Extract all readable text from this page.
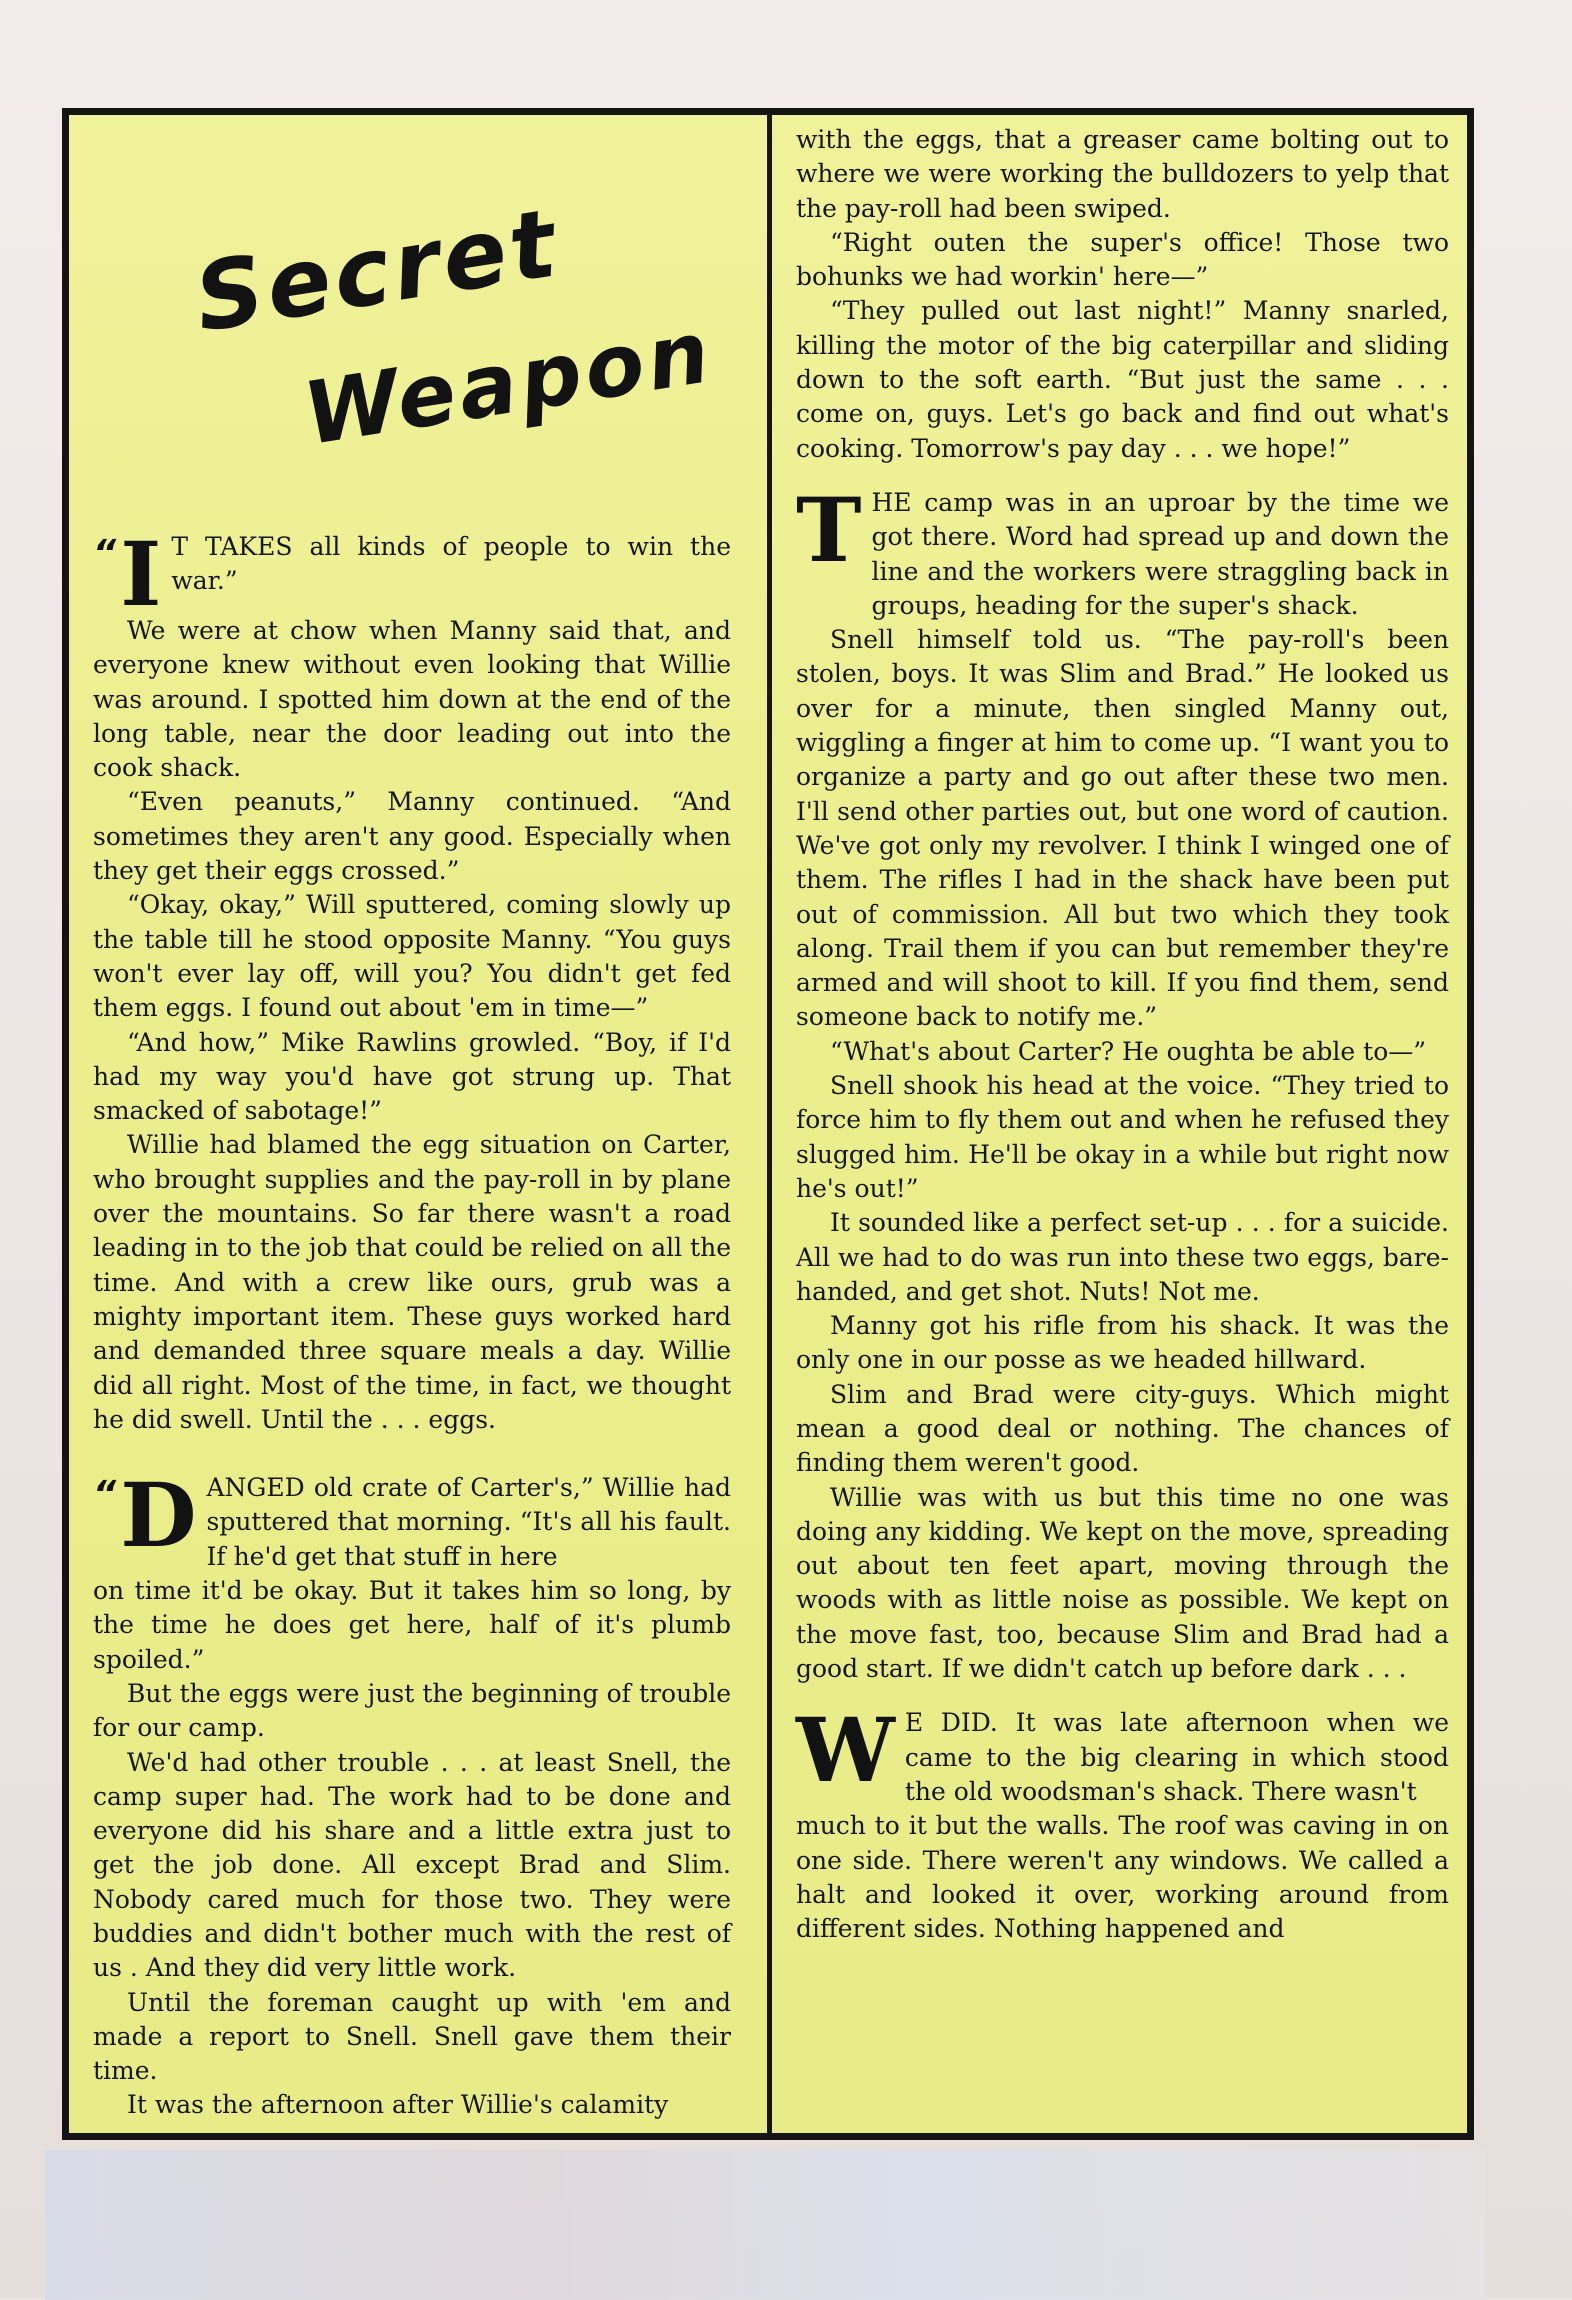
Secret
Weapon
“ I T TAKES all kinds of people to win the war.”

We were at chow when Manny said that, and everyone knew without even looking that Willie was around. I spotted him down at the end of the long table, near the door leading out into the cook shack.

“Even peanuts,” Manny continued. “And sometimes they aren't any good. Especially when they get their eggs crossed.”

“Okay, okay,” Will sputtered, coming slowly up the table till he stood opposite Manny. “You guys won't ever lay off, will you? You didn't get fed them eggs. I found out about 'em in time—”

“And how,” Mike Rawlins growled. “Boy, if I'd had my way you'd have got strung up. That smacked of sabotage!”

Willie had blamed the egg situation on Carter, who brought supplies and the pay-roll in by plane over the mountains. So far there wasn't a road leading in to the job that could be relied on all the time. And with a crew like ours, grub was a mighty important item. These guys worked hard and demanded three square meals a day. Willie did all right. Most of the time, in fact, we thought he did swell. Until the . . . eggs.

“ D ANGED old crate of Carter's,” Willie had sputtered that morning. “It's all his fault. If he'd get that stuff in here

on time it'd be okay. But it takes him so long, by the time he does get here, half of it's plumb spoiled.”

But the eggs were just the beginning of trouble for our camp.

We'd had other trouble . . . at least Snell, the camp super had. The work had to be done and everyone did his share and a little extra just to get the job done. All except Brad and Slim. Nobody cared much for those two. They were buddies and didn't bother much with the rest of us . And they did very little work.

Until the foreman caught up with 'em and made a report to Snell. Snell gave them their time.

It was the afternoon after Willie's calamity

with the eggs, that a greaser came bolting out to where we were working the bulldozers to yelp that the pay-roll had been swiped.

“Right outen the super's office! Those two bohunks we had workin' here—”

“They pulled out last night!” Manny snarled, killing the motor of the big caterpillar and sliding down to the soft earth. “But just the same . . . come on, guys. Let's go back and find out what's cooking. Tomorrow's pay day . . . we hope!”

T HE camp was in an uproar by the time we got there. Word had spread up and down the line and the workers were straggling back in groups, heading for the super's shack.

Snell himself told us. “The pay-roll's been stolen, boys. It was Slim and Brad.” He looked us over for a minute, then singled Manny out, wiggling a finger at him to come up. “I want you to organize a party and go out after these two men. I'll send other parties out, but one word of caution. We've got only my revolver. I think I winged one of them. The rifles I had in the shack have been put out of commission. All but two which they took along. Trail them if you can but remember they're armed and will shoot to kill. If you find them, send someone back to notify me.”

“What's about Carter? He oughta be able to—”

Snell shook his head at the voice. “They tried to force him to fly them out and when he refused they slugged him. He'll be okay in a while but right now he's out!”

It sounded like a perfect set-up . . . for a suicide. All we had to do was run into these two eggs, bare-handed, and get shot. Nuts! Not me.

Manny got his rifle from his shack. It was the only one in our posse as we headed hillward.

Slim and Brad were city-guys. Which might mean a good deal or nothing. The chances of finding them weren't good.

Willie was with us but this time no one was doing any kidding. We kept on the move, spreading out about ten feet apart, moving through the woods with as little noise as possible. We kept on the move fast, too, because Slim and Brad had a good start. If we didn't catch up before dark . . .

W E DID. It was late afternoon when we came to the big clearing in which stood the old woodsman's shack. There wasn't

much to it but the walls. The roof was caving in on one side. There weren't any windows. We called a halt and looked it over, working around from different sides. Nothing happened and
